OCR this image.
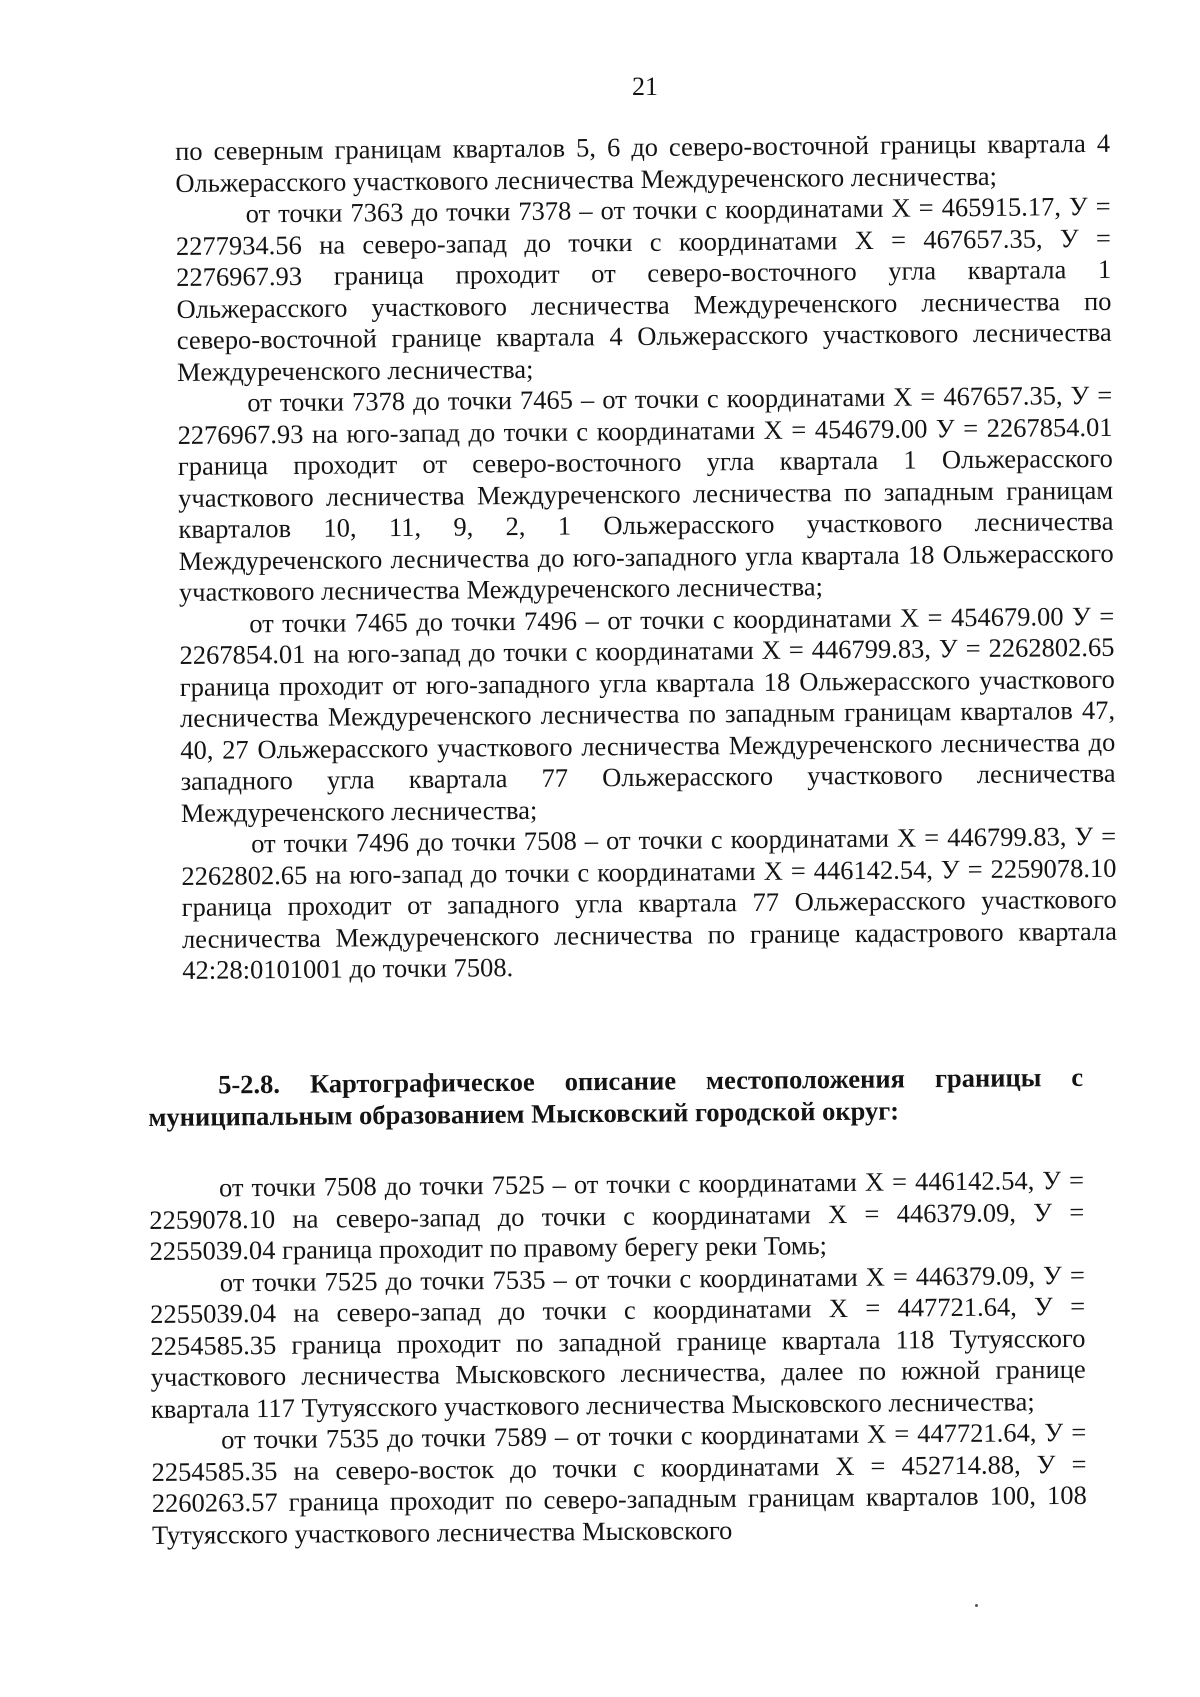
21

по северным границам кварталов 5, 6 до северо-восточной границы квартала 4 Ольжерасского участкового лесничества Междуреченского лесничества;

от точки 7363 до точки 7378 – от точки с координатами Х = 465915.17, У = 2277934.56 на северо-запад до точки с координатами Х = 467657.35, У = 2276967.93 граница проходит от северо-восточного угла квартала 1 Ольжерасского участкового лесничества Междуреченского лесничества по северо-восточной границе квартала 4 Ольжерасского участкового лесничества Междуреченского лесничества;

от точки 7378 до точки 7465 – от точки с координатами Х = 467657.35, У = 2276967.93 на юго-запад до точки с координатами Х = 454679.00 У = 2267854.01 граница проходит от северо-восточного угла квартала 1 Ольжерасского участкового лесничества Междуреченского лесничества по западным границам кварталов 10, 11, 9, 2, 1 Ольжерасского участкового лесничества Междуреченского лесничества до юго-западного угла квартала 18 Ольжерасского участкового лесничества Междуреченского лесничества;

от точки 7465 до точки 7496 – от точки с координатами Х = 454679.00 У = 2267854.01 на юго-запад до точки с координатами Х = 446799.83, У = 2262802.65 граница проходит от юго-западного угла квартала 18 Ольжерасского участкового лесничества Междуреченского лесничества по западным границам кварталов 47, 40, 27 Ольжерасского участкового лесничества Междуреченского лесничества до западного угла квартала 77 Ольжерасского участкового лесничества Междуреченского лесничества;

от точки 7496 до точки 7508 – от точки с координатами Х = 446799.83, У = 2262802.65 на юго-запад до точки с координатами Х = 446142.54, У = 2259078.10 граница проходит от западного угла квартала 77 Ольжерасского участкового лесничества Междуреченского лесничества по границе кадастрового квартала 42:28:0101001 до точки 7508.

5-2.8. Картографическое описание местоположения границы с муниципальным образованием Мысковский городской округ:

от точки 7508 до точки 7525 – от точки с координатами Х = 446142.54, У = 2259078.10 на северо-запад до точки с координатами Х = 446379.09, У = 2255039.04 граница проходит по правому берегу реки Томь;

от точки 7525 до точки 7535 – от точки с координатами Х = 446379.09, У = 2255039.04 на северо-запад до точки с координатами Х = 447721.64, У = 2254585.35 граница проходит по западной границе квартала 118 Тутуясского участкового лесничества Мысковского лесничества, далее по южной границе квартала 117 Тутуясского участкового лесничества Мысковского лесничества;

от точки 7535 до точки 7589 – от точки с координатами Х = 447721.64, У = 2254585.35 на северо-восток до точки с координатами Х = 452714.88, У = 2260263.57 граница проходит по северо-западным границам кварталов 100, 108 Тутуясского участкового лесничества Мысковского
